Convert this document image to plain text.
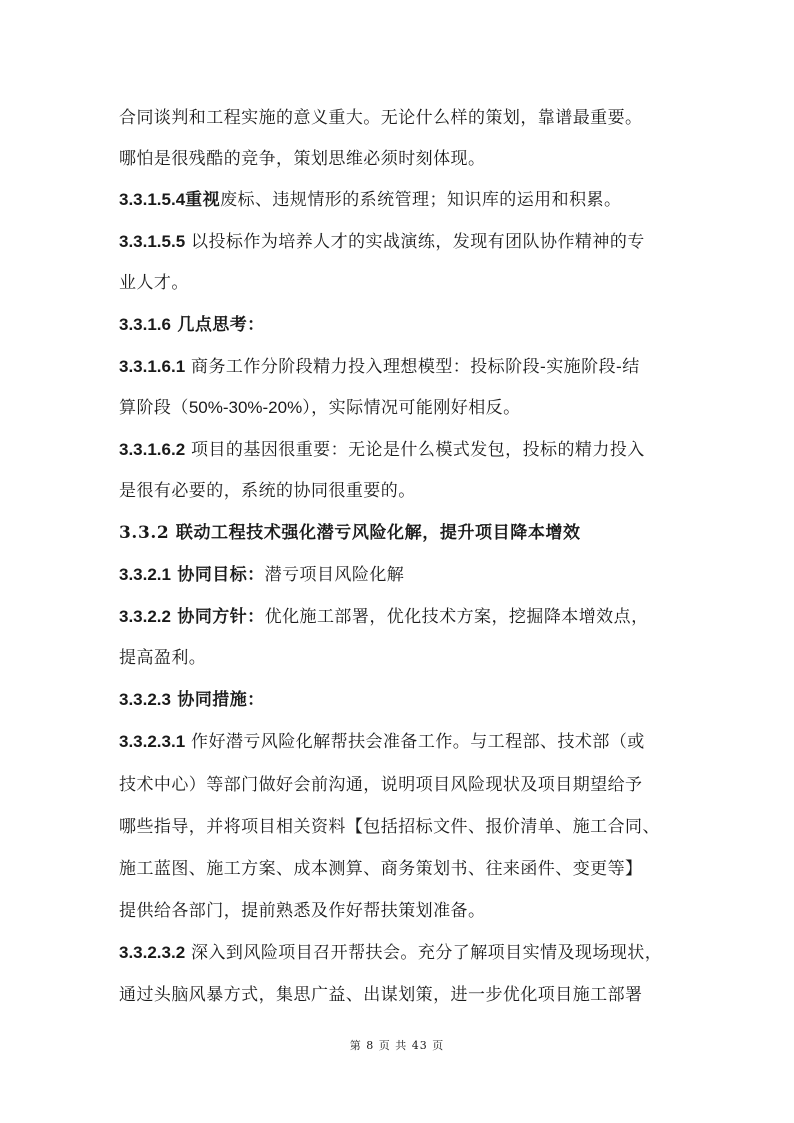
合同谈判和工程实施的意义重大。无论什么样的策划，靠谱最重要。
哪怕是很残酷的竞争，策划思维必须时刻体现。
3.3.1.5.4重视废标、违规情形的系统管理；知识库的运用和积累。
3.3.1.5.5 以投标作为培养人才的实战演练，发现有团队协作精神的专
业人才。
3.3.1.6 几点思考：
3.3.1.6.1 商务工作分阶段精力投入理想模型：投标阶段-实施阶段-结
算阶段（50%-30%-20%），实际情况可能刚好相反。
3.3.1.6.2 项目的基因很重要：无论是什么模式发包，投标的精力投入
是很有必要的，系统的协同很重要的。
3.3.2 联动工程技术强化潜亏风险化解，提升项目降本增效
3.3.2.1 协同目标：潜亏项目风险化解
3.3.2.2 协同方针：优化施工部署，优化技术方案，挖掘降本增效点，
提高盈利。
3.3.2.3 协同措施：
3.3.2.3.1 作好潜亏风险化解帮扶会准备工作。与工程部、技术部（或
技术中心）等部门做好会前沟通，说明项目风险现状及项目期望给予
哪些指导，并将项目相关资料【包括招标文件、报价清单、施工合同、
施工蓝图、施工方案、成本测算、商务策划书、往来函件、变更等】
提供给各部门，提前熟悉及作好帮扶策划准备。
3.3.2.3.2 深入到风险项目召开帮扶会。充分了解项目实情及现场现状，
通过头脑风暴方式，集思广益、出谋划策，进一步优化项目施工部署
第 8 页 共 43 页
